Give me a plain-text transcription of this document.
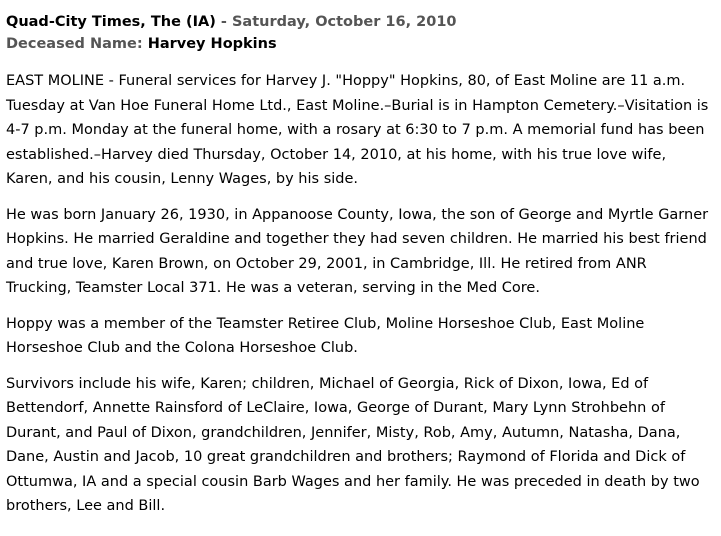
Quad-City Times, The (IA) - Saturday, October 16, 2010
Deceased Name: Harvey Hopkins

EAST MOLINE - Funeral services for Harvey J. "Hoppy" Hopkins, 80, of East Moline are 11 a.m. Tuesday at Van Hoe Funeral Home Ltd., East Moline.–Burial is in Hampton Cemetery.–Visitation is 4-7 p.m. Monday at the funeral home, with a rosary at 6:30 to 7 p.m. A memorial fund has been established.–Harvey died Thursday, October 14, 2010, at his home, with his true love wife, Karen, and his cousin, Lenny Wages, by his side.

He was born January 26, 1930, in Appanoose County, Iowa, the son of George and Myrtle Garner Hopkins. He married Geraldine and together they had seven children. He married his best friend and true love, Karen Brown, on October 29, 2001, in Cambridge, Ill. He retired from ANR Trucking, Teamster Local 371. He was a veteran, serving in the Med Core.

Hoppy was a member of the Teamster Retiree Club, Moline Horseshoe Club, East Moline Horseshoe Club and the Colona Horseshoe Club.

Survivors include his wife, Karen; children, Michael of Georgia, Rick of Dixon, Iowa, Ed of Bettendorf, Annette Rainsford of LeClaire, Iowa, George of Durant, Mary Lynn Strohbehn of Durant, and Paul of Dixon, grandchildren, Jennifer, Misty, Rob, Amy, Autumn, Natasha, Dana, Dane, Austin and Jacob, 10 great grandchildren and brothers; Raymond of Florida and Dick of Ottumwa, IA and a special cousin Barb Wages and her family. He was preceded in death by two brothers, Lee and Bill.
